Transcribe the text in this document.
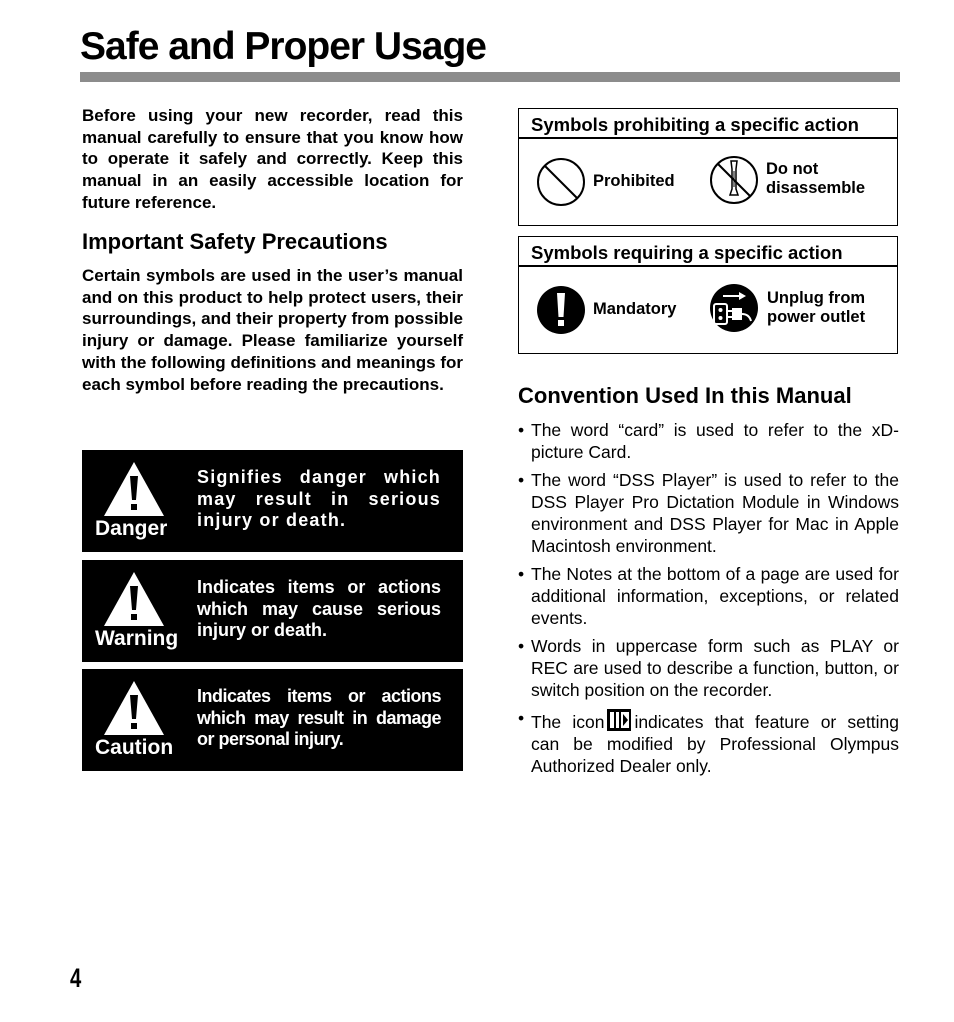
Safe and Proper Usage

Before using your new recorder, read this manual carefully to ensure that you know how to operate it safely and correctly. Keep this manual in an easily accessible location for future reference.

Important Safety Precautions

Certain symbols are used in the user’s manual and on this product to help protect users, their surroundings, and their property from possible injury or damage. Please familiarize yourself with the following definitions and meanings for each symbol before reading the precautions.

Danger

Signifies danger which may result in serious injury or death.

Warning

Indicates items or actions which may cause serious injury or death.

Caution

Indicates items or actions which may result in damage or personal injury.

Symbols prohibiting a specific action
Prohibited
Do not
disassemble
Symbols requiring a specific action
Mandatory
Unplug from
power outlet
Convention Used In this Manual
• The word “card” is used to refer to the xD-picture Card.
• The word “DSS Player” is used to refer to the DSS Player Pro Dictation Module in Windows environment and DSS Player for Mac in Apple Macintosh environment.
• The Notes at the bottom of a page are used for additional information, exceptions, or related events.
• Words in uppercase form such as PLAY or REC are used to describe a function, button, or switch position on the recorder.
• The icon indicates that feature or setting can be modified by Professional Olympus Authorized Dealer only.
4
